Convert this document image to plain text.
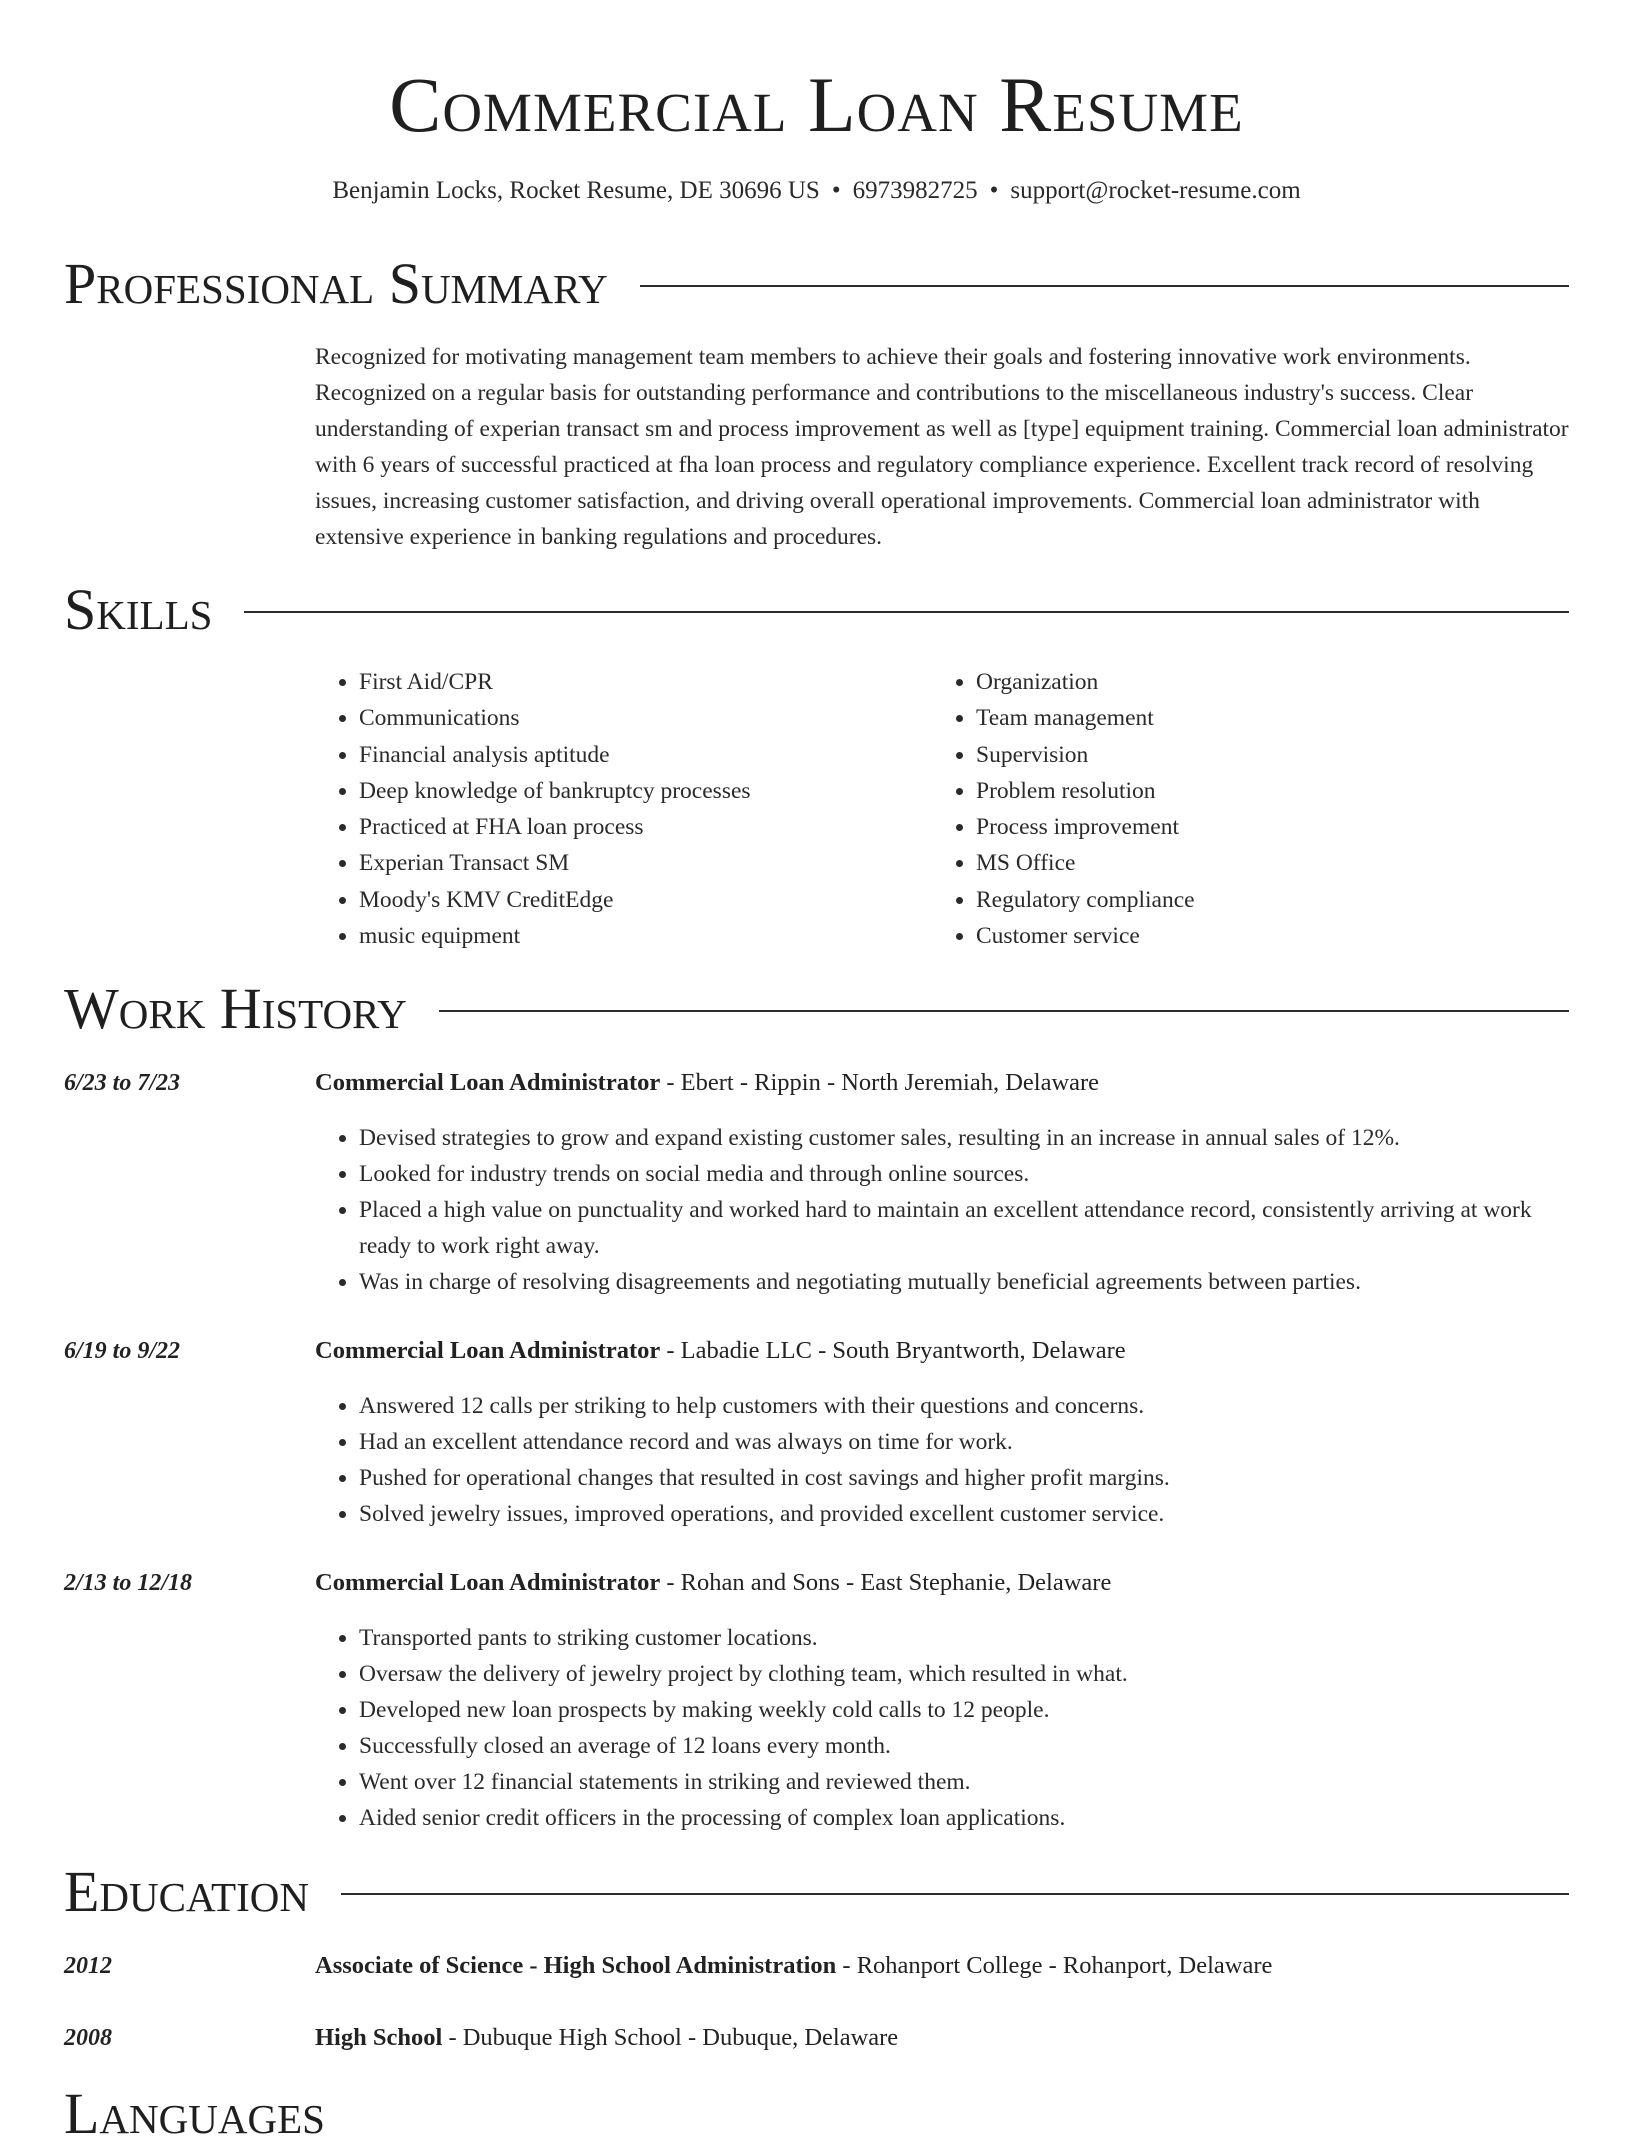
Commercial Loan Resume
Benjamin Locks, Rocket Resume, DE 30696 US • 6973982725 • support@rocket-resume.com
Professional Summary
Recognized for motivating management team members to achieve their goals and fostering innovative work environments. Recognized on a regular basis for outstanding performance and contributions to the miscellaneous industry's success. Clear understanding of experian transact sm and process improvement as well as [type] equipment training. Commercial loan administrator with 6 years of successful practiced at fha loan process and regulatory compliance experience. Excellent track record of resolving issues, increasing customer satisfaction, and driving overall operational improvements. Commercial loan administrator with extensive experience in banking regulations and procedures.
Skills
• First Aid/CPR
• Communications
• Financial analysis aptitude
• Deep knowledge of bankruptcy processes
• Practiced at FHA loan process
• Experian Transact SM
• Moody's KMV CreditEdge
• music equipment
• Organization
• Team management
• Supervision
• Problem resolution
• Process improvement
• MS Office
• Regulatory compliance
• Customer service
Work History
6/23 to 7/23	Commercial Loan Administrator - Ebert - Rippin - North Jeremiah, Delaware
• Devised strategies to grow and expand existing customer sales, resulting in an increase in annual sales of 12%.
• Looked for industry trends on social media and through online sources.
• Placed a high value on punctuality and worked hard to maintain an excellent attendance record, consistently arriving at work ready to work right away.
• Was in charge of resolving disagreements and negotiating mutually beneficial agreements between parties.
6/19 to 9/22	Commercial Loan Administrator - Labadie LLC - South Bryantworth, Delaware
• Answered 12 calls per striking to help customers with their questions and concerns.
• Had an excellent attendance record and was always on time for work.
• Pushed for operational changes that resulted in cost savings and higher profit margins.
• Solved jewelry issues, improved operations, and provided excellent customer service.
2/13 to 12/18	Commercial Loan Administrator - Rohan and Sons - East Stephanie, Delaware
• Transported pants to striking customer locations.
• Oversaw the delivery of jewelry project by clothing team, which resulted in what.
• Developed new loan prospects by making weekly cold calls to 12 people.
• Successfully closed an average of 12 loans every month.
• Went over 12 financial statements in striking and reviewed them.
• Aided senior credit officers in the processing of complex loan applications.
Education
2012	Associate of Science - High School Administration - Rohanport College - Rohanport, Delaware
2008	High School - Dubuque High School - Dubuque, Delaware
Languages
